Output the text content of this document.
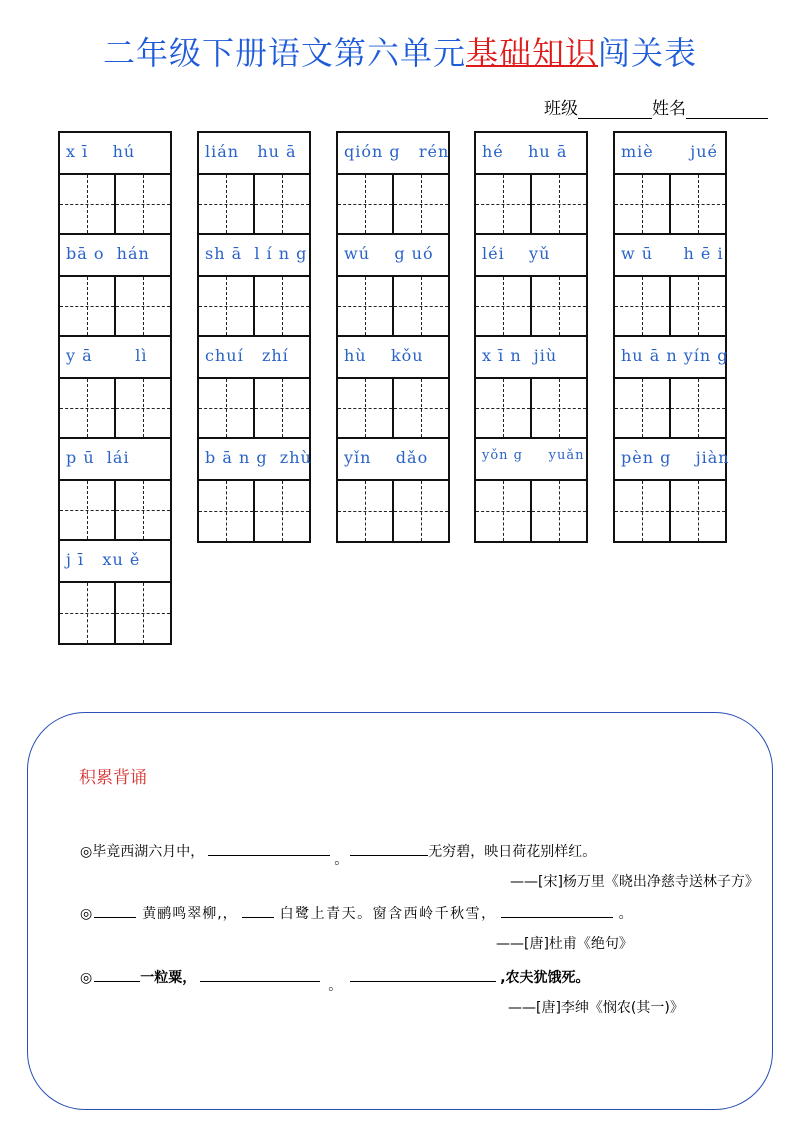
二年级下册语文第六单元基础知识闯关表
班级	姓名
x ī    hú
bā o  hán
y ā       lì
p ū  lái
j ī   xu ě
lián   hu ā
sh ā  l í n g
chuí   zhí
b ā n g  zhù
qión g   rén
wú    g uó
hù    kǒu
yǐn    dǎo
hé    hu ā
léi    yǔ
x ī n  jiù
yǒn g     yuǎn
miè      jué
w ū     h ē i
hu ā n yín g
pèn g    jiàn
积累背诵
◎毕竟西湖六月中，	。	无穷碧，映日荷花别样红。
——[宋]杨万里《晓出净慈寺送林子方》
◎	黄鹂鸣翠柳,，	白鹭上青天。窗含西岭千秋雪，	。
——[唐]杜甫《绝句》
◎	一粒粟，	。	,农夫犹饿死。
——[唐]李绅《悯农(其一)》
